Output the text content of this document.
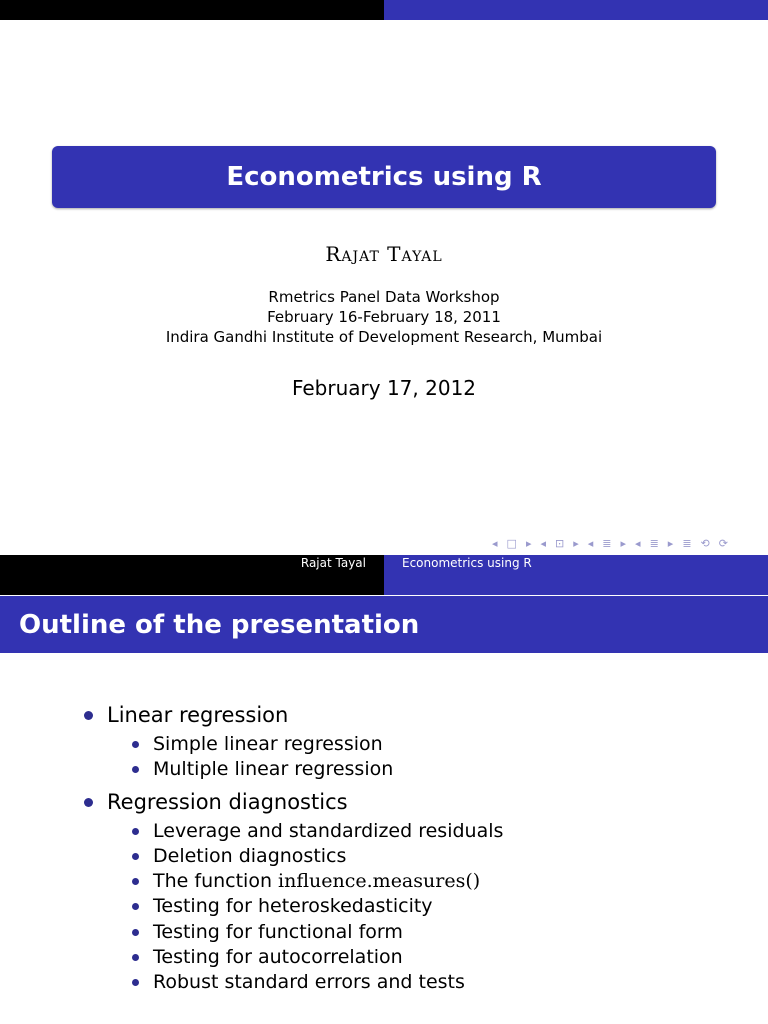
Econometrics using R
Rajat Tayal
Rmetrics Panel Data Workshop
February 16-February 18, 2011
Indira Gandhi Institute of Development Research, Mumbai
February 17, 2012
◂ □ ▸ ◂ ⊡ ▸ ◂ ≣ ▸ ◂ ≣ ▸ ≣ ⟲ ⟳
Rajat Tayal	Econometrics using R
Outline of the presentation
Linear regression
Simple linear regression
Multiple linear regression
Regression diagnostics
Leverage and standardized residuals
Deletion diagnostics
The function influence.measures()
Testing for heteroskedasticity
Testing for functional form
Testing for autocorrelation
Robust standard errors and tests
